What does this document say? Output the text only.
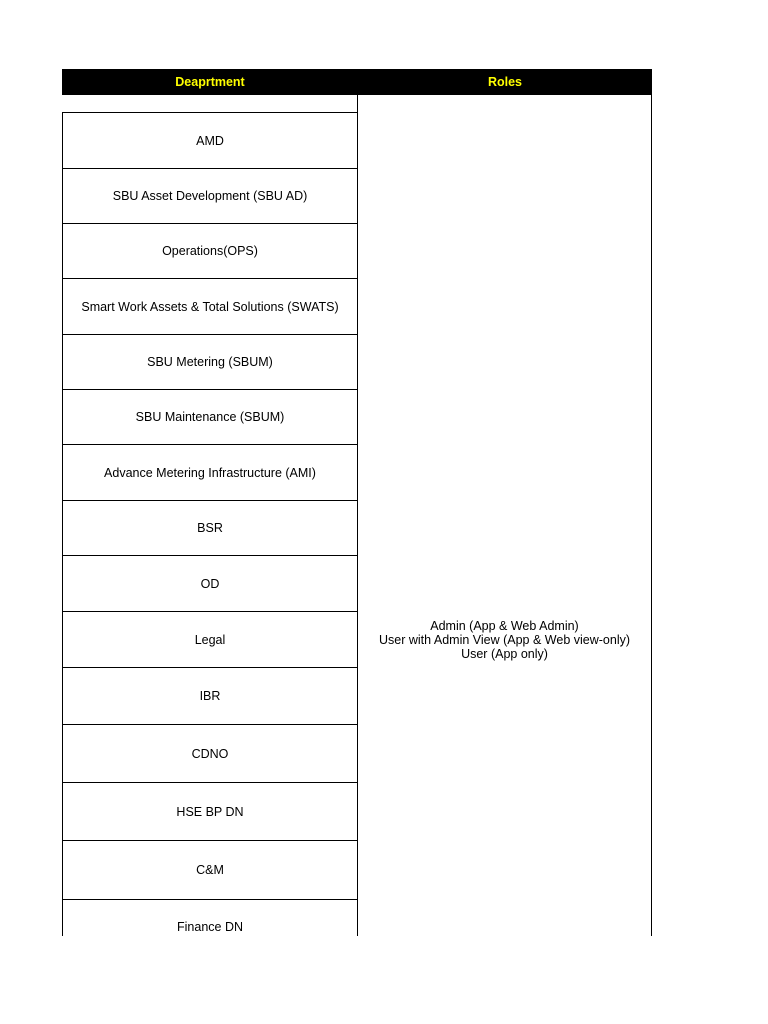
Deaprtment	Roles
AMD
SBU Asset Development (SBU AD)
Operations(OPS)
Smart Work Assets & Total Solutions (SWATS)
SBU Metering (SBUM)
SBU Maintenance (SBUM)
Advance Metering Infrastructure (AMI)
BSR
OD
Legal
IBR
CDNO
HSE BP DN
C&M
Finance DN
Admin (App & Web Admin)
User with Admin View (App & Web view-only)
User (App only)
